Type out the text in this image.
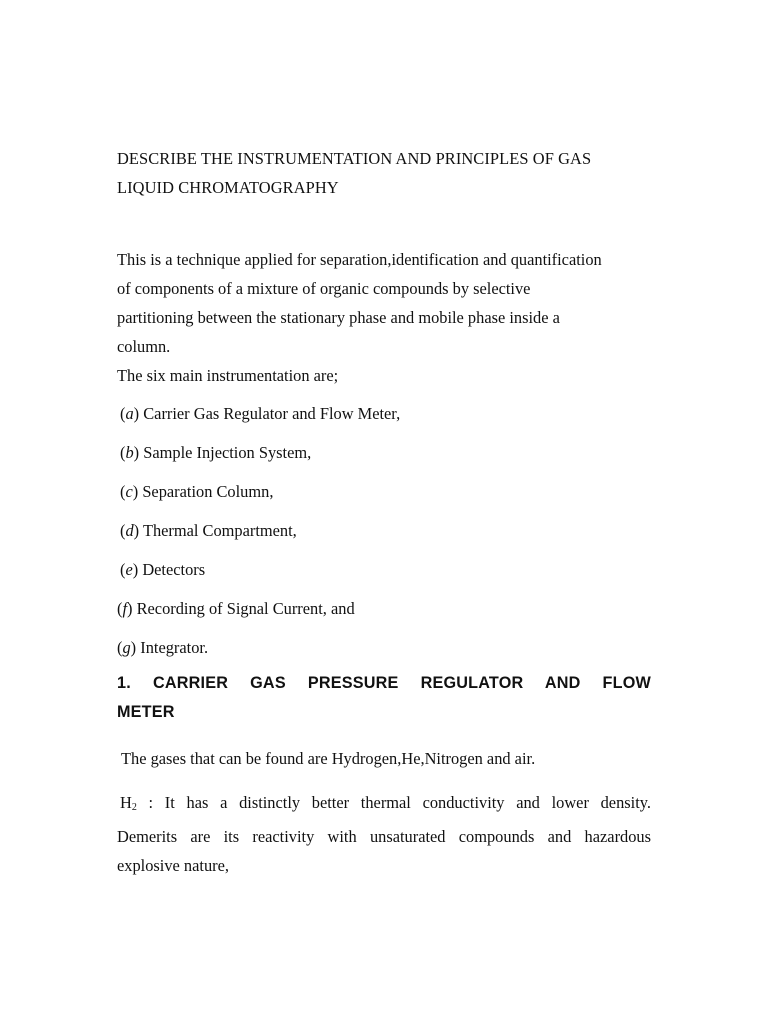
DESCRIBE THE INSTRUMENTATION AND PRINCIPLES OF GAS
LIQUID CHROMATOGRAPHY

This is a technique applied for separation,identification and quantification
of components of a mixture of organic compounds by selective
partitioning between the stationary phase and mobile phase inside a
column.

The six main instrumentation are;

(a) Carrier Gas Regulator and Flow Meter,
(b) Sample Injection System,
(c) Separation Column,
(d) Thermal Compartment,
(e) Detectors
(f) Recording of Signal Current, and
(g) Integrator.
1. CARRIER GAS PRESSURE REGULATOR AND FLOW
METER

The gases that can be found are Hydrogen,He,Nitrogen and air.

$H_2$ : It has a distinctly better thermal conductivity and lower density.
Demerits are its reactivity with unsaturated compounds and hazardous
explosive nature,
